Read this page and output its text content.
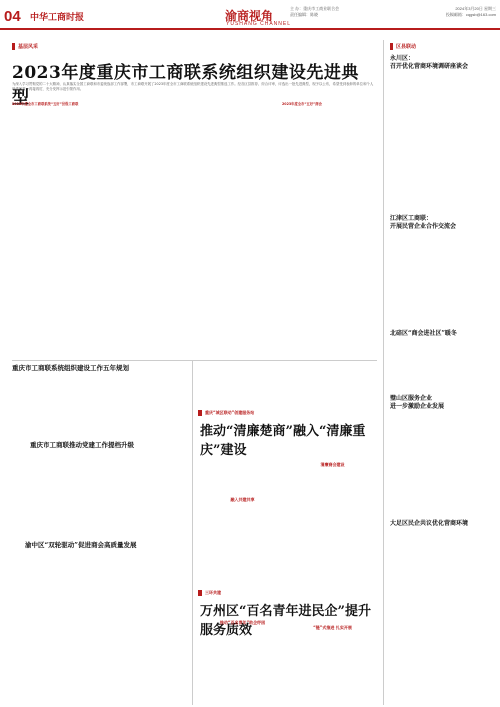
04 中华工商时报	渝商视角
YUSHANG CHANNEL
主 办：重庆市工商业联合会
责任编辑：陈晓
2024年3月20日 星期三
投稿邮箱：cqgsb@163.com
基层风采	区县联动
2023年度重庆市工商联系统组织建设先进典型
为深入学习贯彻党的二十大精神，认真落实全国工商联和市委统战部工作部署，市工商联开展了2023年度全市工商联系统组织建设先进典型推选工作。经各区县推荐、综合评审，评选出一批先进典型，现予以公布，希望受到表彰的单位和个人珍惜荣誉，再接再厉，充分发挥示范引领作用。
2023年度全市工商联系统“五好”县级工商联	2023年度全市“五好”商会
重庆市工商联系统组织建设工作五年规划
重庆市工商联推动党建工作提档升级
渝中区“双轮驱动”促进商会高质量发展
重庆“城区联动”创建服务站
推动“清廉楚商”融入“清廉重庆”建设
清廉商会建设
融入共建共享
三环共建
万州区“百名青年进民企”提升服务质效
推动“百名青年”助企纾困
“链”式推进 扎实开展
永川区：
召开优化营商环境调研座谈会
江津区工商联：
开展民营企业合作交流会
北碚区“商会进社区”暖冬
璧山区服务企业
进一步激励企业发展
大足区民企共议优化营商环境
